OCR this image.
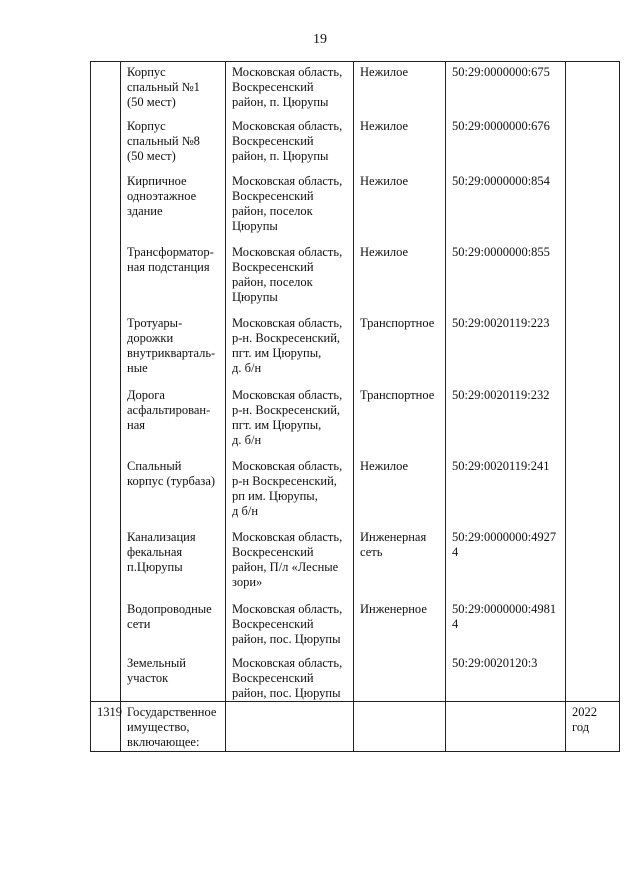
19

	Корпус
спальный №1
(50 мест)	Московская область,
Воскресенский
район, п. Цюрупы	Нежилое	50:29:0000000:675	

	Корпус
спальный №8
(50 мест)	Московская область,
Воскресенский
район, п. Цюрупы	Нежилое	50:29:0000000:676	

	Кирпичное
одноэтажное
здание	Московская область,
Воскресенский
район, поселок
Цюрупы	Нежилое	50:29:0000000:854	

	Трансформатор-
ная подстанция	Московская область,
Воскресенский
район, поселок
Цюрупы	Нежилое	50:29:0000000:855	

	Тротуары-
дорожки
внутрикварталь-
ные	Московская область,
р-н. Воскресенский,
пгт. им Цюрупы,
д. б/н	Транспортное	50:29:0020119:223	

	Дорога
асфальтирован-
ная	Московская область,
р-н. Воскресенский,
пгт. им Цюрупы,
д. б/н	Транспортное	50:29:0020119:232	

	Спальный
корпус (турбаза)	Московская область,
р-н Воскресенский,
рп им. Цюрупы,
д б/н	Нежилое	50:29:0020119:241	

	Канализация
фекальная
п.Цюрупы	Московская область,
Воскресенский
район, П/л «Лесные
зори»	Инженерная
сеть	50:29:0000000:4927
4	

	Водопроводные
сети	Московская область,
Воскресенский
район, пос. Цюрупы	Инженерное	50:29:0000000:4981
4	

	Земельный
участок	Московская область,
Воскресенский
район, пос. Цюрупы		50:29:0020120:3	

1319	Государственное
имущество,
включающее:				2022
год
